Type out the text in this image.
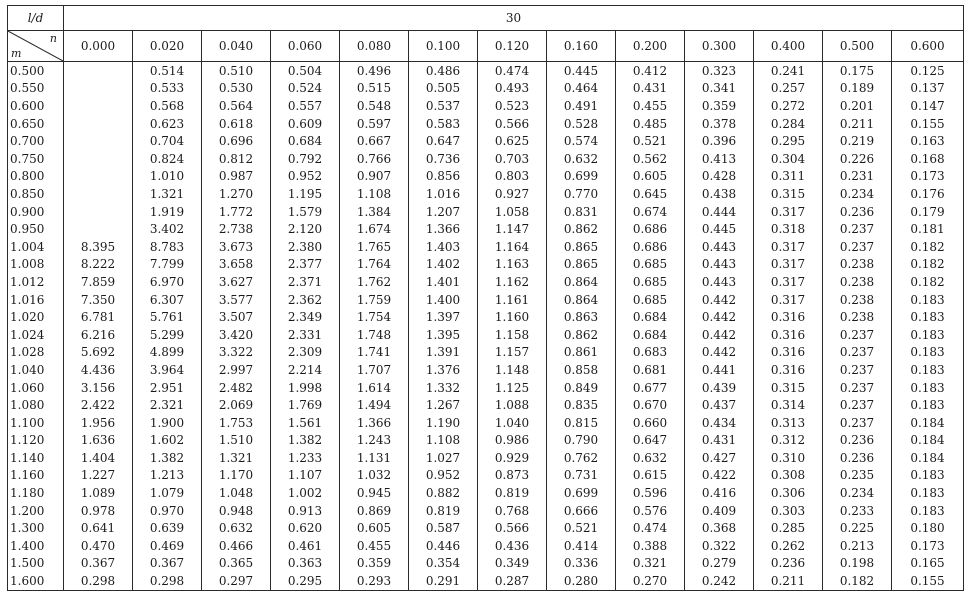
l/d	30												

n
m	0.000	0.020	0.040	0.060	0.080	0.100	0.120	0.160	0.200	0.300	0.400	0.500	0.600
0.500		0.514	0.510	0.504	0.496	0.486	0.474	0.445	0.412	0.323	0.241	0.175	0.125
0.550		0.533	0.530	0.524	0.515	0.505	0.493	0.464	0.431	0.341	0.257	0.189	0.137
0.600		0.568	0.564	0.557	0.548	0.537	0.523	0.491	0.455	0.359	0.272	0.201	0.147
0.650		0.623	0.618	0.609	0.597	0.583	0.566	0.528	0.485	0.378	0.284	0.211	0.155
0.700		0.704	0.696	0.684	0.667	0.647	0.625	0.574	0.521	0.396	0.295	0.219	0.163
0.750		0.824	0.812	0.792	0.766	0.736	0.703	0.632	0.562	0.413	0.304	0.226	0.168
0.800		1.010	0.987	0.952	0.907	0.856	0.803	0.699	0.605	0.428	0.311	0.231	0.173
0.850		1.321	1.270	1.195	1.108	1.016	0.927	0.770	0.645	0.438	0.315	0.234	0.176
0.900		1.919	1.772	1.579	1.384	1.207	1.058	0.831	0.674	0.444	0.317	0.236	0.179
0.950		3.402	2.738	2.120	1.674	1.366	1.147	0.862	0.686	0.445	0.318	0.237	0.181
1.004	8.395	8.783	3.673	2.380	1.765	1.403	1.164	0.865	0.686	0.443	0.317	0.237	0.182
1.008	8.222	7.799	3.658	2.377	1.764	1.402	1.163	0.865	0.685	0.443	0.317	0.238	0.182
1.012	7.859	6.970	3.627	2.371	1.762	1.401	1.162	0.864	0.685	0.443	0.317	0.238	0.182
1.016	7.350	6.307	3.577	2.362	1.759	1.400	1.161	0.864	0.685	0.442	0.317	0.238	0.183
1.020	6.781	5.761	3.507	2.349	1.754	1.397	1.160	0.863	0.684	0.442	0.316	0.238	0.183
1.024	6.216	5.299	3.420	2.331	1.748	1.395	1.158	0.862	0.684	0.442	0.316	0.237	0.183
1.028	5.692	4.899	3.322	2.309	1.741	1.391	1.157	0.861	0.683	0.442	0.316	0.237	0.183
1.040	4.436	3.964	2.997	2.214	1.707	1.376	1.148	0.858	0.681	0.441	0.316	0.237	0.183
1.060	3.156	2.951	2.482	1.998	1.614	1.332	1.125	0.849	0.677	0.439	0.315	0.237	0.183
1.080	2.422	2.321	2.069	1.769	1.494	1.267	1.088	0.835	0.670	0.437	0.314	0.237	0.183
1.100	1.956	1.900	1.753	1.561	1.366	1.190	1.040	0.815	0.660	0.434	0.313	0.237	0.184
1.120	1.636	1.602	1.510	1.382	1.243	1.108	0.986	0.790	0.647	0.431	0.312	0.236	0.184
1.140	1.404	1.382	1.321	1.233	1.131	1.027	0.929	0.762	0.632	0.427	0.310	0.236	0.184
1.160	1.227	1.213	1.170	1.107	1.032	0.952	0.873	0.731	0.615	0.422	0.308	0.235	0.183
1.180	1.089	1.079	1.048	1.002	0.945	0.882	0.819	0.699	0.596	0.416	0.306	0.234	0.183
1.200	0.978	0.970	0.948	0.913	0.869	0.819	0.768	0.666	0.576	0.409	0.303	0.233	0.183
1.300	0.641	0.639	0.632	0.620	0.605	0.587	0.566	0.521	0.474	0.368	0.285	0.225	0.180
1.400	0.470	0.469	0.466	0.461	0.455	0.446	0.436	0.414	0.388	0.322	0.262	0.213	0.173
1.500	0.367	0.367	0.365	0.363	0.359	0.354	0.349	0.336	0.321	0.279	0.236	0.198	0.165
1.600	0.298	0.298	0.297	0.295	0.293	0.291	0.287	0.280	0.270	0.242	0.211	0.182	0.155
